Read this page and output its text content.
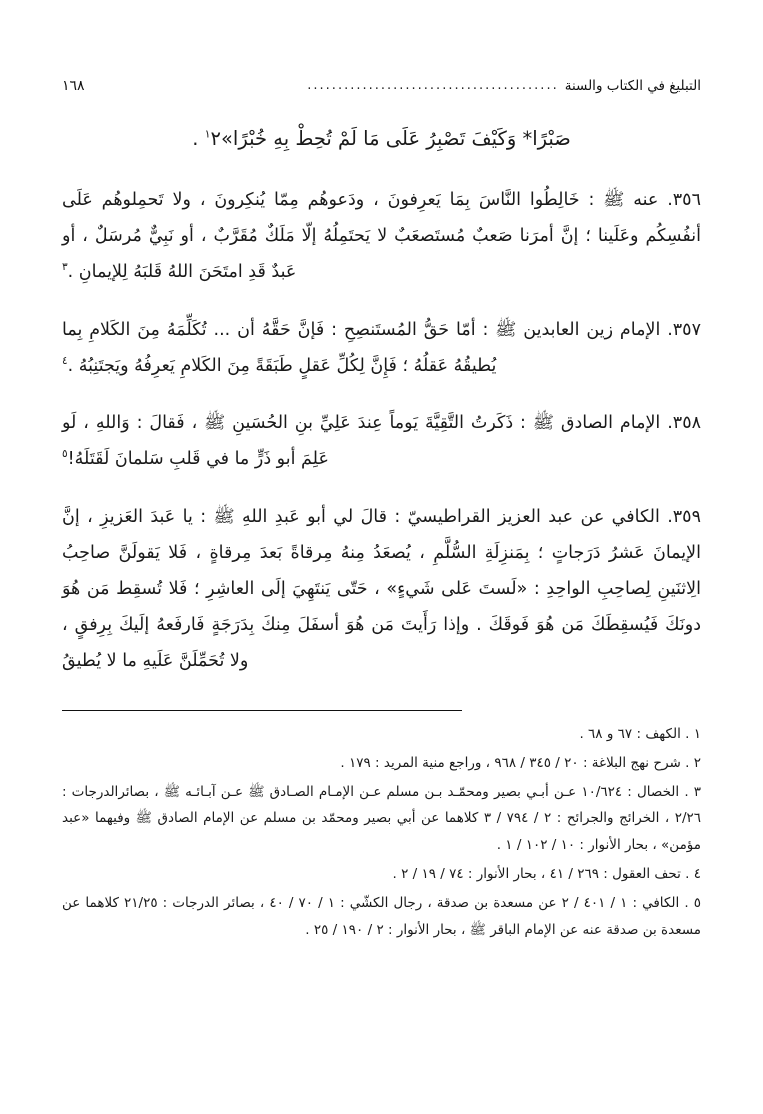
١٦٨	......................................... التبليغ في الكتاب والسنة

صَبْرًا* وَكَيْفَ تَصْبِرُ عَلَى مَا لَمْ تُحِطْ بِهِ خُبْرًا»$^١$٢ .

٣٥٦. عنه ﷺ : خَالِطُوا النَّاسَ بِمَا يَعرِفونَ ، ودَعوهُم مِمّا يُنكِرونَ ، ولا تَحمِلوهُم عَلَى أنفُسِكُم وعَلَينا ؛ إنَّ أمرَنا صَعبٌ مُستَصعَبٌ لا يَحتَمِلُهُ إلّا مَلَكٌ مُقَرَّبٌ ، أو نَبِيٌّ مُرسَلٌ ، أو عَبدٌ قَدِ امتَحَنَ اللهُ قَلبَهُ لِلإيمانِ .$^٣$

٣٥٧. الإمام زين العابدين ﷺ : أمّا حَقُّ المُستَنصِحِ : فَإنَّ حَقَّهُ أن ... تُكَلِّمَهُ مِنَ الكَلامِ بِما يُطيقُهُ عَقلُهُ ؛ فَإِنَّ لِكُلِّ عَقلٍ طَبَقَةً مِنَ الكَلامِ يَعرِفُهُ ويَجتَنِبُهُ .$^٤$

٣٥٨. الإمام الصادق ﷺ : ذَكَرتُ التَّقِيَّةَ يَوماً عِندَ عَلِيِّ بنِ الحُسَينِ ﷺ ، فَقالَ : وَاللهِ ، لَو عَلِمَ أبو ذَرٍّ ما في قَلبِ سَلمانَ لَقَتَلَهُ!$^٥$

٣٥٩. الكافي عن عبد العزيز القراطيسيّ : قالَ لي أبو عَبدِ اللهِ ﷺ : يا عَبدَ العَزيزِ ، إنَّ الإيمانَ عَشرُ دَرَجاتٍ ؛ بِمَنزِلَةِ السُّلَّمِ ، يُصعَدُ مِنهُ مِرقاةً بَعدَ مِرقاةٍ ، فَلا يَقولَنَّ صاحِبُ الِاثنَينِ لِصاحِبِ الواحِدِ : «لَستَ عَلى شَيءٍ» ، حَتّى يَنتَهِيَ إلَى العاشِرِ ؛ فَلا تُسقِط مَن هُوَ دونَكَ فَيُسقِطَكَ مَن هُوَ فَوقَكَ . وإذا رَأَيتَ مَن هُوَ أسفَلَ مِنكَ بِدَرَجَةٍ فَارفَعهُ إلَيكَ بِرِفقٍ ، ولا تُحَمِّلَنَّ عَلَيهِ ما لا يُطيقُ

١ . الكهف : ٦٧ و ٦٨ .
٢ . شرح نهج البلاغة : ٢٠ / ٣٤٥ / ٩٦٨ ، وراجع منية المريد : ١٧٩ .
٣ . الخصال : ١٠/٦٢٤ عـن أبـي بصير ومحمّـد بـن مسلم عـن الإمـام الصـادق ﷺ عـن آبـائـه ﷺ ، بصائرالدرجات : ٢/٢٦ ، الخرائج والجرائح : ٢ / ٧٩٤ / ٣ كلاهما عن أبي بصير ومحمّد بن مسلم عن الإمام الصادق ﷺ وفيهما «عبد مؤمن» ، بحار الأنوار : ١٠ / ١٠٢ / ١ .
٤ . تحف العقول : ٢٦٩ / ٤١ ، بحار الأنوار : ٧٤ / ١٩ / ٢ .
٥ . الكافي : ١ / ٤٠١ / ٢ عن مسعدة بن صدقة ، رجال الكشّي : ١ / ٧٠ / ٤٠ ، بصائر الدرجات : ٢١/٢٥ كلاهما عن مسعدة بن صدقة عنه عن الإمام الباقر ﷺ ، بحار الأنوار : ٢ / ١٩٠ / ٢٥ .
